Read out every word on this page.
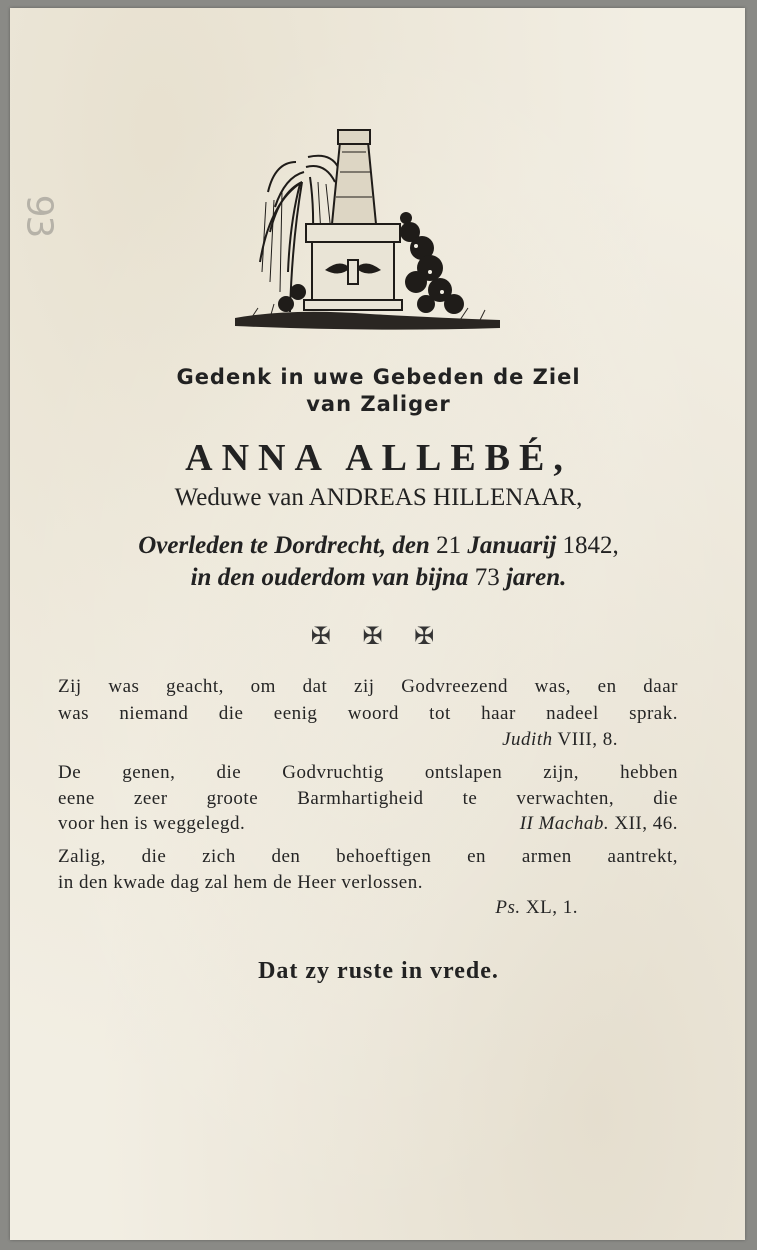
93
Gedenk in uwe Gebeden de Ziel
van Zaliger
ANNA ALLEBÉ,
Weduwe van ANDREAS HILLENAAR,
Overleden te Dordrecht, den 21 Januarij 1842,
in den ouderdom van bijna 73 jaren.
✠ ✠ ✠
Zij was geacht, om dat zij Godvreezend was, en daar
was niemand die eenig woord tot haar nadeel sprak.
Judith VIII, 8.
De genen, die Godvruchtig ontslapen zijn, hebben
eene zeer groote Barmhartigheid te verwachten, die
voor hen is weggelegd.	II Machab. XII, 46.
Zalig, die zich den behoeftigen en armen aantrekt,
in den kwade dag zal hem de Heer verlossen.
Ps. XL, 1.
Dat zy ruste in vrede.
